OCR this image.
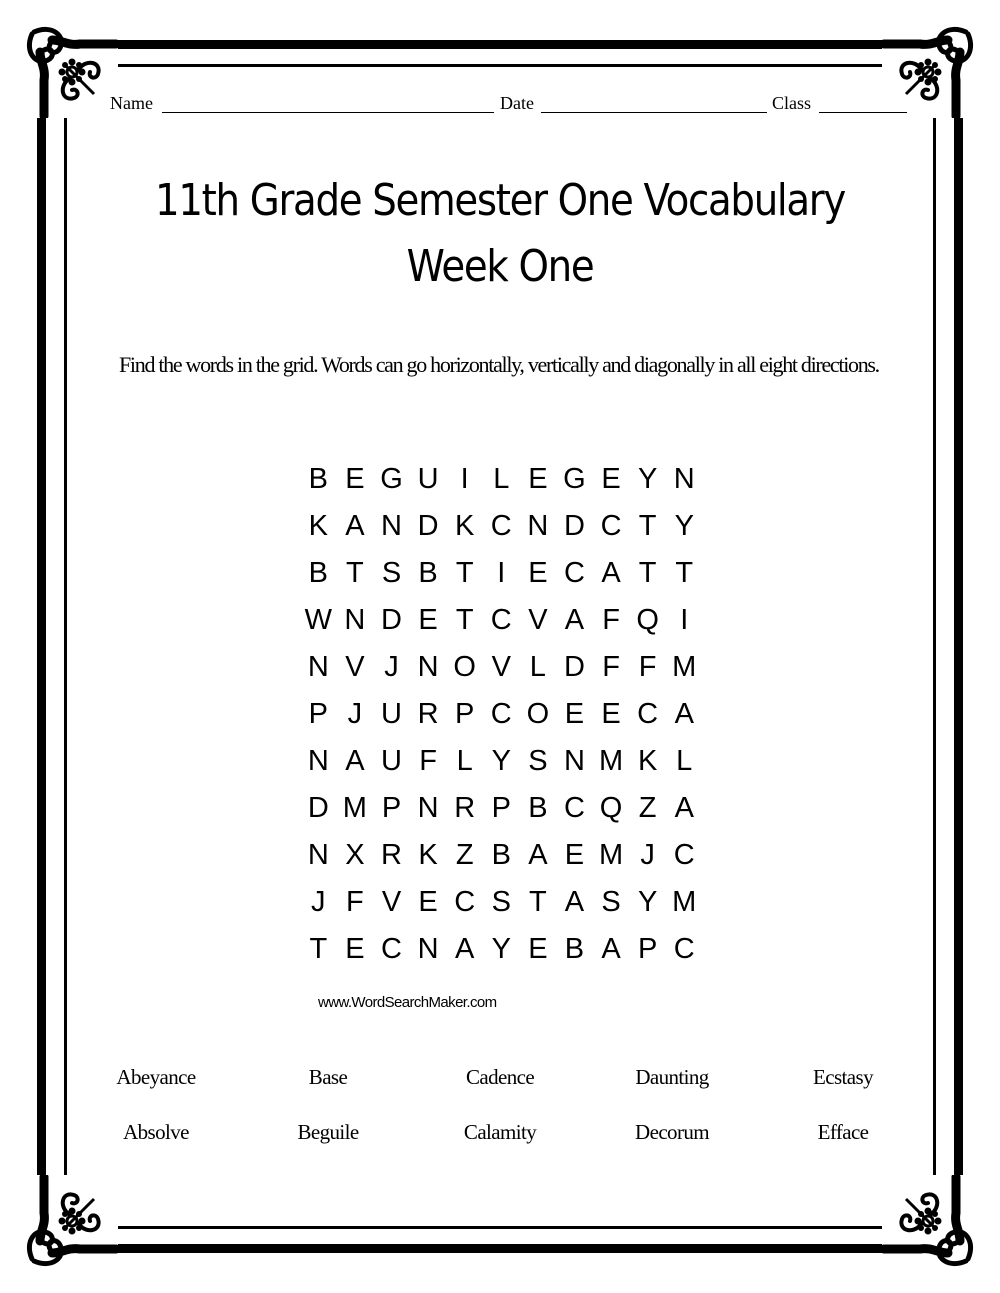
Name	Date	Class
11th Grade Semester One Vocabulary Week One
Find the words in the grid. Words can go horizontally, vertically and diagonally in all eight directions.
B E G U I L E G E Y N
K A N D K C N D C T Y
B T S B T I E C A T T
W N D E T C V A F Q I
N V J N O V L D F F M
P J U R P C O E E C A
N A U F L Y S N M K L
D M P N R P B C Q Z A
N X R K Z B A E M J C
J F V E C S T A S Y M
T E C N A Y E B A P C
www.WordSearchMaker.com
Abeyance	Base	Cadence	Daunting	Ecstasy
Absolve	Beguile	Calamity	Decorum	Efface
